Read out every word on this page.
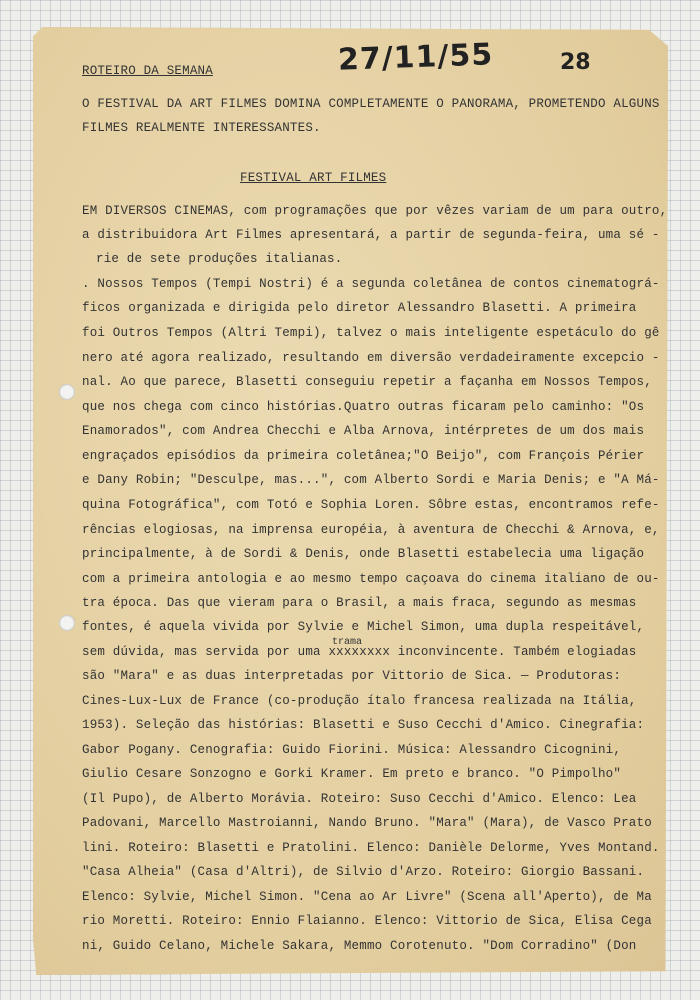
27/11/55	28
ROTEIRO DA SEMANA
O FESTIVAL DA ART FILMES DOMINA COMPLETAMENTE O PANORAMA, PROMETENDO ALGUNS
FILMES REALMENTE INTERESSANTES.
FESTIVAL ART FILMES
EM DIVERSOS CINEMAS, com programações que por vêzes variam de um para outro,
a distribuidora Art Filmes apresentará, a partir de segunda-feira, uma sé -
rie de sete produções italianas.
. Nossos Tempos (Tempi Nostri) é a segunda coletânea de contos cinematográ-
ficos organizada e dirigida pelo diretor Alessandro Blasetti. A primeira
foi Outros Tempos (Altri Tempi), talvez o mais inteligente espetáculo do gê
nero até agora realizado, resultando em diversão verdadeiramente excepcio -
nal. Ao que parece, Blasetti conseguiu repetir a façanha em Nossos Tempos,
que nos chega com cinco histórias.Quatro outras ficaram pelo caminho: "Os
Enamorados", com Andrea Checchi e Alba Arnova, intérpretes de um dos mais
engraçados episódios da primeira coletânea;"O Beijo", com François Périer
e Dany Robin; "Desculpe, mas...", com Alberto Sordi e Maria Denis; e "A Má-
quina Fotográfica", com Totó e Sophia Loren. Sôbre estas, encontramos refe-
rências elogiosas, na imprensa européia, à aventura de Checchi & Arnova, e,
principalmente, à de Sordi & Denis, onde Blasetti estabelecia uma ligação
com a primeira antologia e ao mesmo tempo caçoava do cinema italiano de ou-
tra época. Das que vieram para o Brasil, a mais fraca, segundo as mesmas
fontes, é aquela vivida por Sylvie e Michel Simon, uma dupla respeitável,
trama
sem dúvida, mas servida por uma xxxxxxxx inconvincente. Também elogiadas
são "Mara" e as duas interpretadas por Vittorio de Sica. — Produtoras:
Cines-Lux-Lux de France (co-produção ítalo francesa realizada na Itália,
1953). Seleção das histórias: Blasetti e Suso Cecchi d'Amico. Cinegrafia:
Gabor Pogany. Cenografia: Guido Fiorini. Música: Alessandro Cicognini,
Giulio Cesare Sonzogno e Gorki Kramer. Em preto e branco. "O Pimpolho"
(Il Pupo), de Alberto Morávia. Roteiro: Suso Cecchi d'Amico. Elenco: Lea
Padovani, Marcello Mastroianni, Nando Bruno. "Mara" (Mara), de Vasco Prato
lini. Roteiro: Blasetti e Pratolini. Elenco: Danièle Delorme, Yves Montand.
"Casa Alheia" (Casa d'Altri), de Silvio d'Arzo. Roteiro: Giorgio Bassani.
Elenco: Sylvie, Michel Simon. "Cena ao Ar Livre" (Scena all'Aperto), de Ma
rio Moretti. Roteiro: Ennio Flaianno. Elenco: Vittorio de Sica, Elisa Cega
ni, Guido Celano, Michele Sakara, Memmo Corotenuto. "Dom Corradino" (Don
